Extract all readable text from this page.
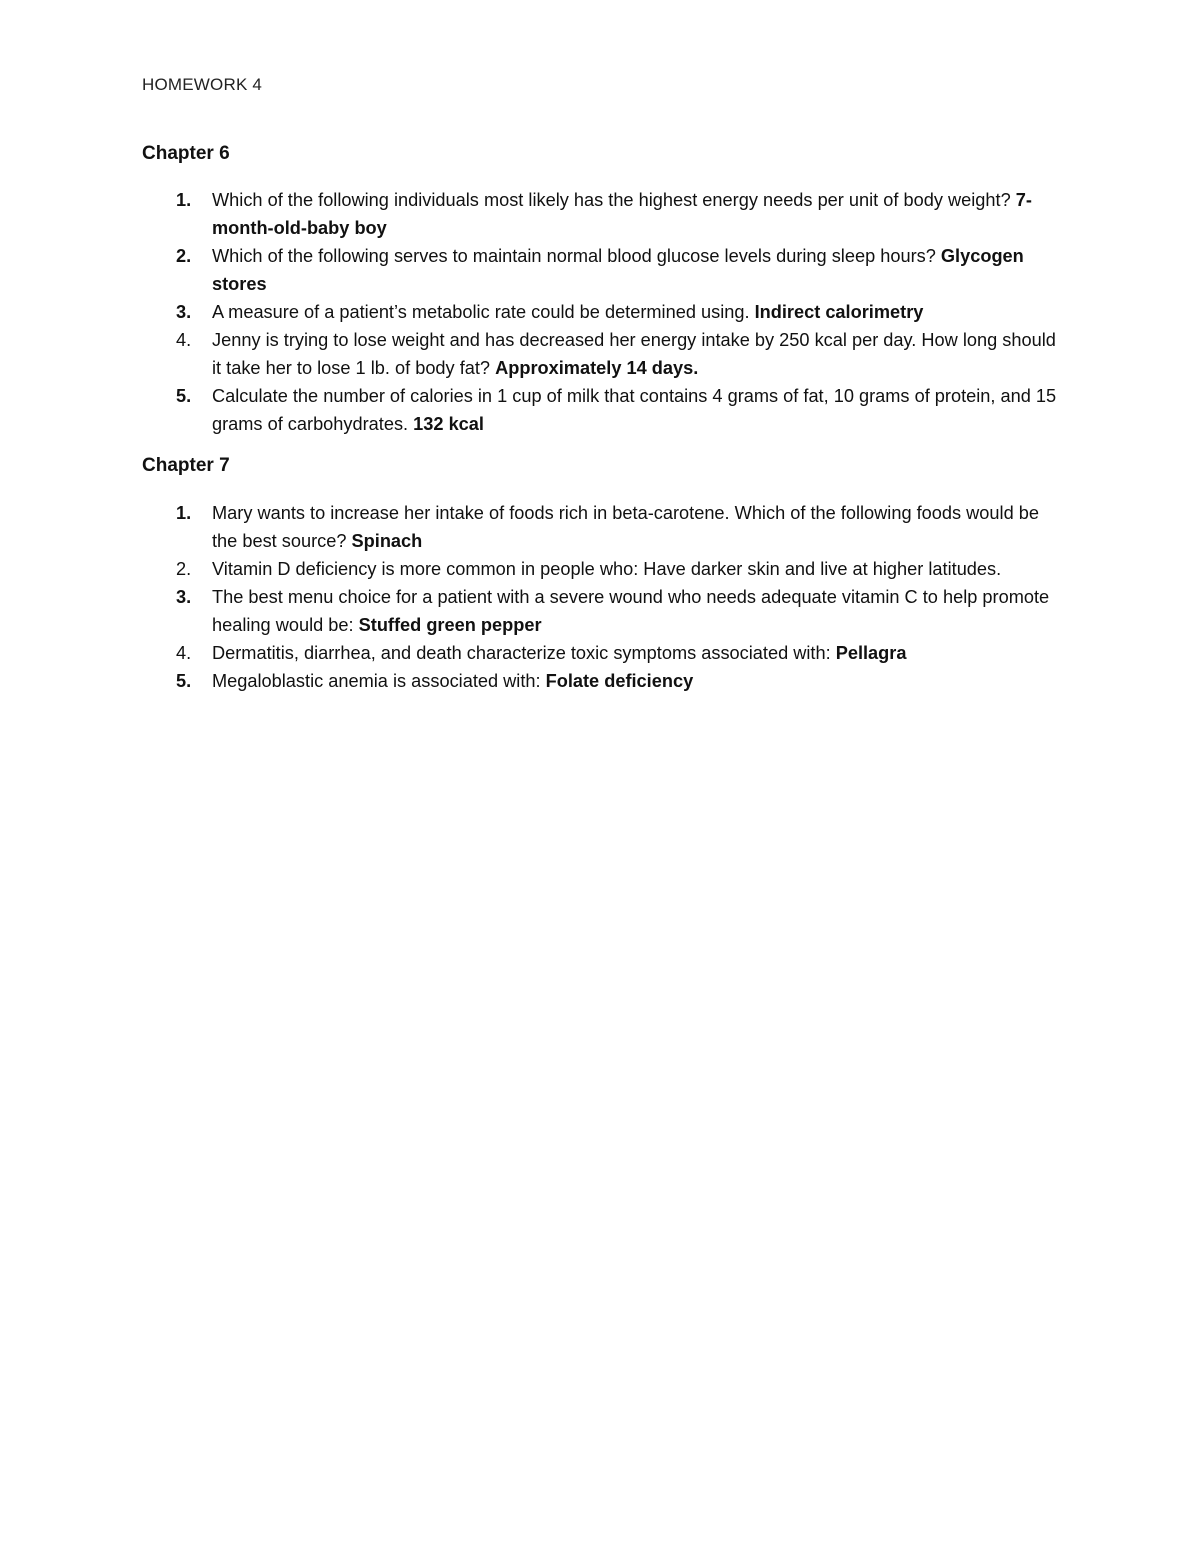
HOMEWORK 4
Chapter 6
1.	Which of the following individuals most likely has the highest energy needs per unit of body weight? 7-month-old-baby boy
2.	Which of the following serves to maintain normal blood glucose levels during sleep hours? Glycogen stores
3.	A measure of a patient’s metabolic rate could be determined using. Indirect calorimetry
4.	Jenny is trying to lose weight and has decreased her energy intake by 250 kcal per day. How long should it take her to lose 1 lb. of body fat? Approximately 14 days.
5.	Calculate the number of calories in 1 cup of milk that contains 4 grams of fat, 10 grams of protein, and 15 grams of carbohydrates. 132 kcal
Chapter 7
1.	Mary wants to increase her intake of foods rich in beta-carotene. Which of the following foods would be the best source? Spinach
2.	Vitamin D deficiency is more common in people who: Have darker skin and live at higher latitudes.
3.	The best menu choice for a patient with a severe wound who needs adequate vitamin C to help promote healing would be: Stuffed green pepper
4.	Dermatitis, diarrhea, and death characterize toxic symptoms associated with: Pellagra
5.	Megaloblastic anemia is associated with: Folate deficiency
